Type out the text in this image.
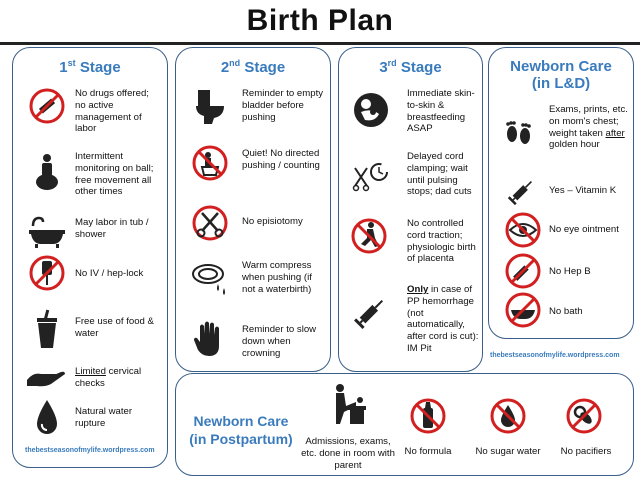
Birth Plan
1st Stage
No drugs offered; no active management of labor
Intermittent monitoring on ball; free movement all other times
May labor in tub / shower
No IV / hep-lock
Free use of food & water
Limited cervical checks
Natural water rupture
thebestseasonofmylife.wordpress.com
2nd Stage
Reminder to empty bladder before pushing
Quiet! No directed pushing / counting
No episiotomy
Warm compress when pushing (if not a waterbirth)
Reminder to slow down when crowning
3rd Stage
Immediate skin-to-skin & breastfeeding ASAP
Delayed cord clamping; wait until pulsing stops; dad cuts
No controlled cord traction; physiologic birth of placenta
Only in case of PP hemorrhage (not automatically, after cord is cut): IM Pit
Newborn Care
(in L&D)
Exams, prints, etc. on mom's chest; weight taken after golden hour
Yes – Vitamin K
No eye ointment
No Hep B
No bath
thebestseasonofmylife.wordpress.com
Newborn Care
(in Postpartum)	Admissions, exams, etc. done in room with parent
No formula	No sugar water	No pacifiers
